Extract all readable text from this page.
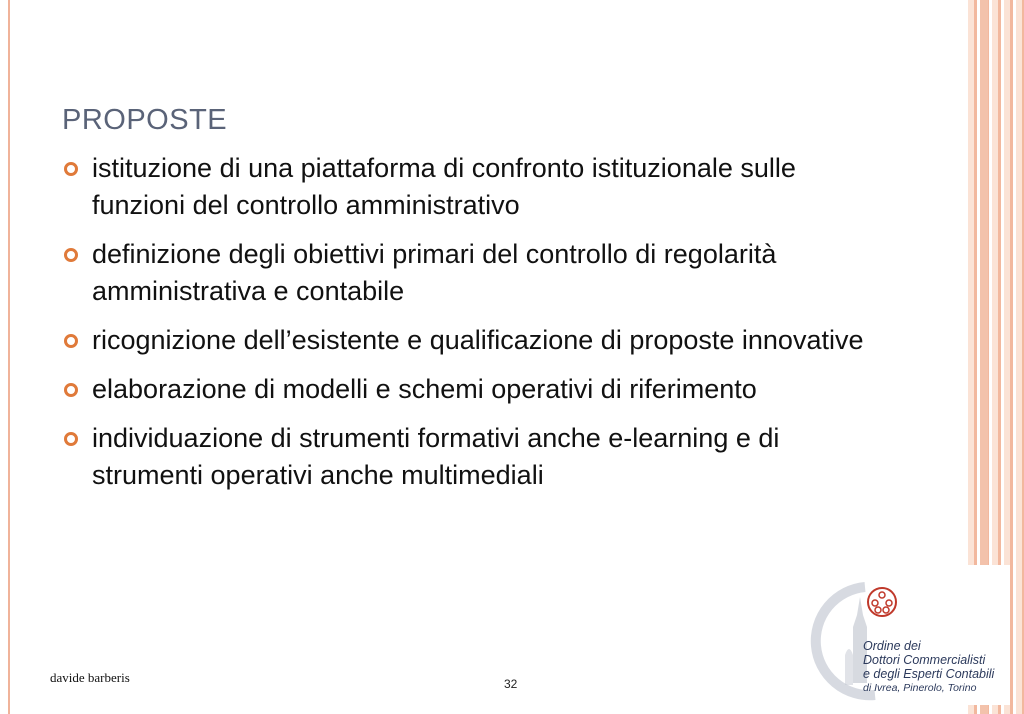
PROPOSTE
istituzione di una piattaforma di confronto istituzionale sulle funzioni del controllo amministrativo
definizione degli obiettivi primari del controllo di regolarità amministrativa e contabile
ricognizione dell’esistente e qualificazione di proposte innovative
elaborazione di modelli e schemi operativi di riferimento
individuazione di strumenti formativi anche e-learning e di strumenti operativi anche multimediali
Ordine dei
Dottori Commercialisti
e degli Esperti Contabili
di Ivrea, Pinerolo, Torino
davide barberis	32
